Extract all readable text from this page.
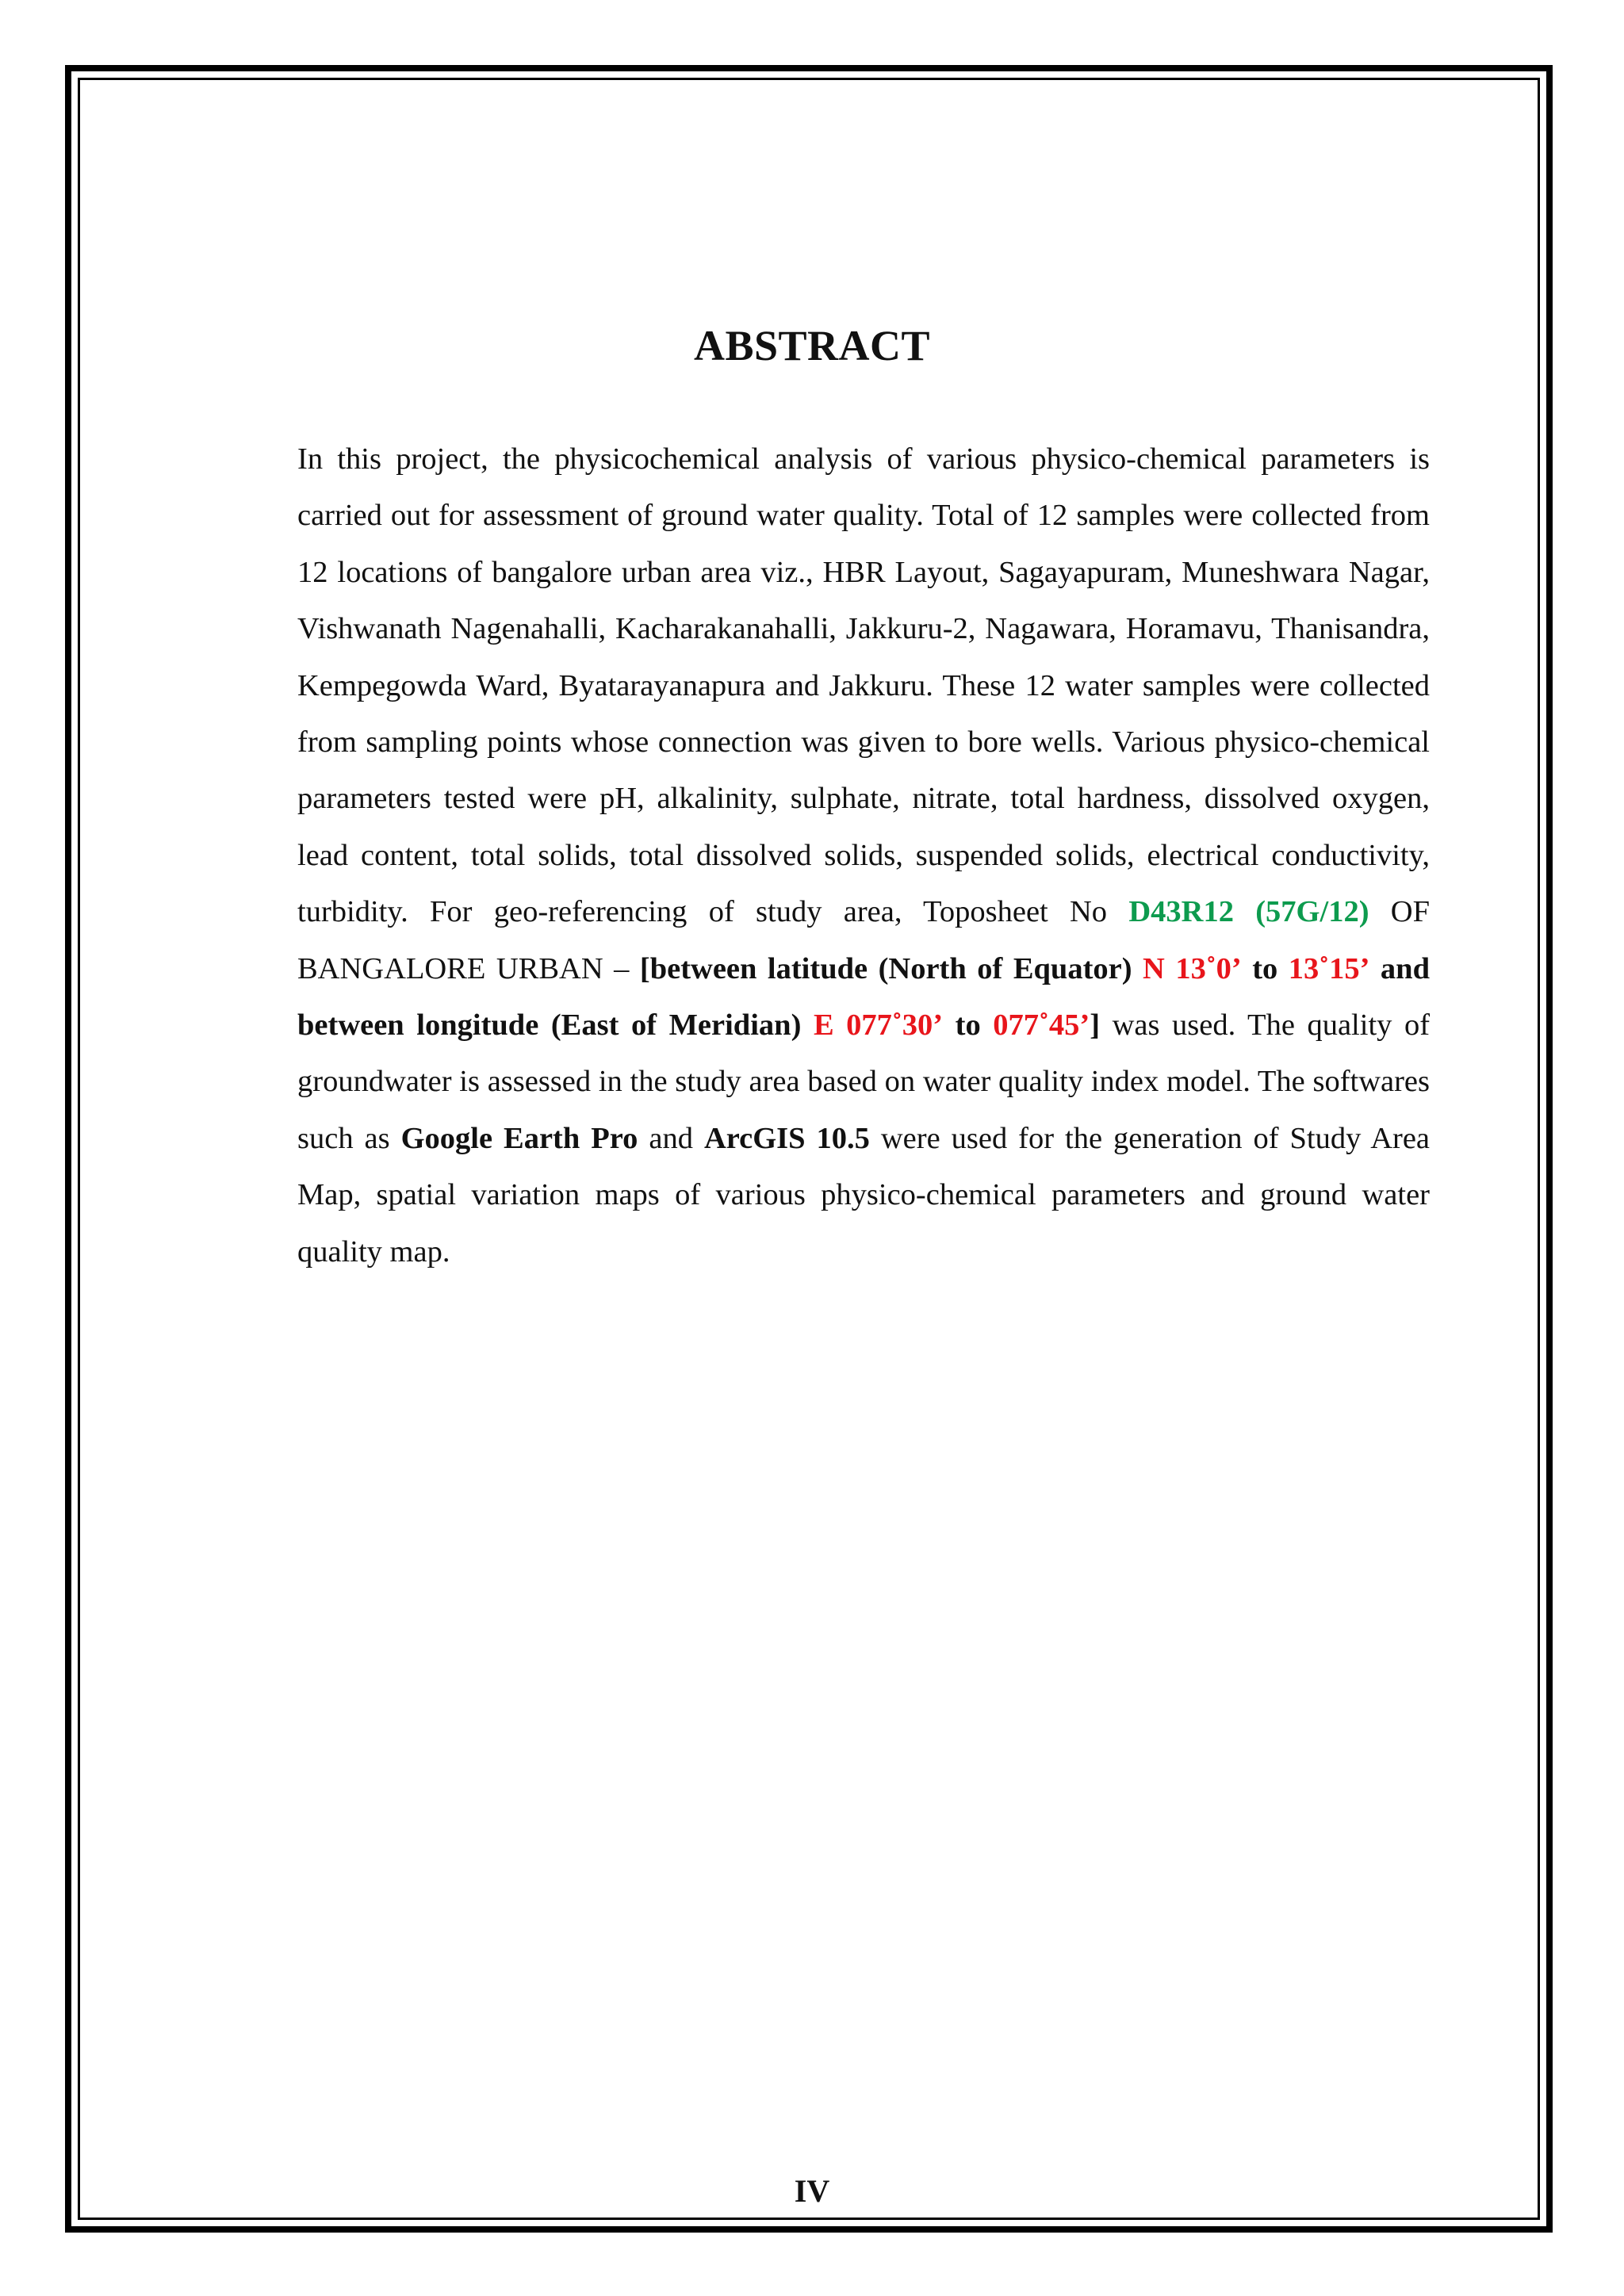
ABSTRACT

In this project, the physicochemical analysis of various physico-chemical parameters is carried out for assessment of ground water quality. Total of 12 samples were collected from 12 locations of bangalore urban area viz., HBR Layout, Sagayapuram, Muneshwara Nagar, Vishwanath Nagenahalli, Kacharakanahalli, Jakkuru-2, Nagawara, Horamavu, Thanisandra, Kempegowda Ward, Byatarayanapura and Jakkuru. These 12 water samples were collected from sampling points whose connection was given to bore wells. Various physico-chemical parameters tested were pH, alkalinity, sulphate, nitrate, total hardness, dissolved oxygen, lead content, total solids, total dissolved solids, suspended solids, electrical conductivity, turbidity. For geo-referencing of study area, Toposheet No D43R12 (57G/12) OF BANGALORE URBAN – [between latitude (North of Equator) N 13˚0’ to 13˚15’ and between longitude (East of Meridian) E 077˚30’ to 077˚45’] was used. The quality of groundwater is assessed in the study area based on water quality index model. The softwares such as Google Earth Pro and ArcGIS 10.5 were used for the generation of Study Area Map, spatial variation maps of various physico-chemical parameters and ground water quality map.

IV
